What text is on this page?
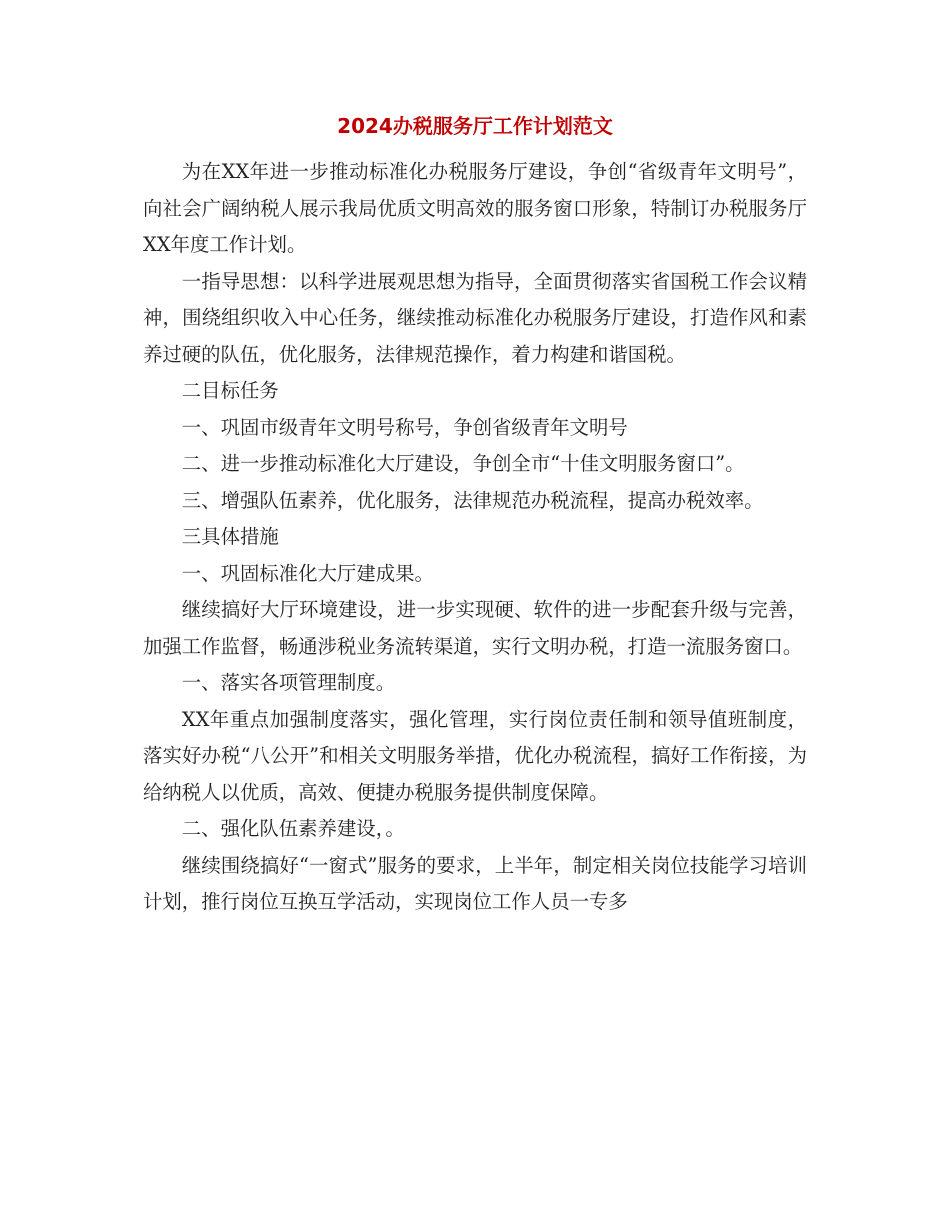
2024办税服务厅工作计划范文

为在XX年进一步推动标准化办税服务厅建设，争创“省级青年文明号”，向社会广阔纳税人展示我局优质文明高效的服务窗口形象，特制订办税服务厅XX年度工作计划。

一指导思想：以科学进展观思想为指导，全面贯彻落实省国税工作会议精神，围绕组织收入中心任务，继续推动标准化办税服务厅建设，打造作风和素养过硬的队伍，优化服务，法律规范操作，着力构建和谐国税。

二目标任务

一、巩固市级青年文明号称号，争创省级青年文明号

二、进一步推动标准化大厅建设，争创全市“十佳文明服务窗口”。

三、增强队伍素养，优化服务，法律规范办税流程，提高办税效率。

三具体措施

一、巩固标准化大厅建成果。

继续搞好大厅环境建设，进一步实现硬、软件的进一步配套升级与完善，加强工作监督，畅通涉税业务流转渠道，实行文明办税，打造一流服务窗口。

一、落实各项管理制度。

XX年重点加强制度落实，强化管理，实行岗位责任制和领导值班制度，落实好办税“八公开”和相关文明服务举措，优化办税流程，搞好工作衔接，为给纳税人以优质，高效、便捷办税服务提供制度保障。

二、强化队伍素养建设，。

继续围绕搞好“一窗式”服务的要求，上半年，制定相关岗位技能学习培训计划，推行岗位互换互学活动，实现岗位工作人员一专多
